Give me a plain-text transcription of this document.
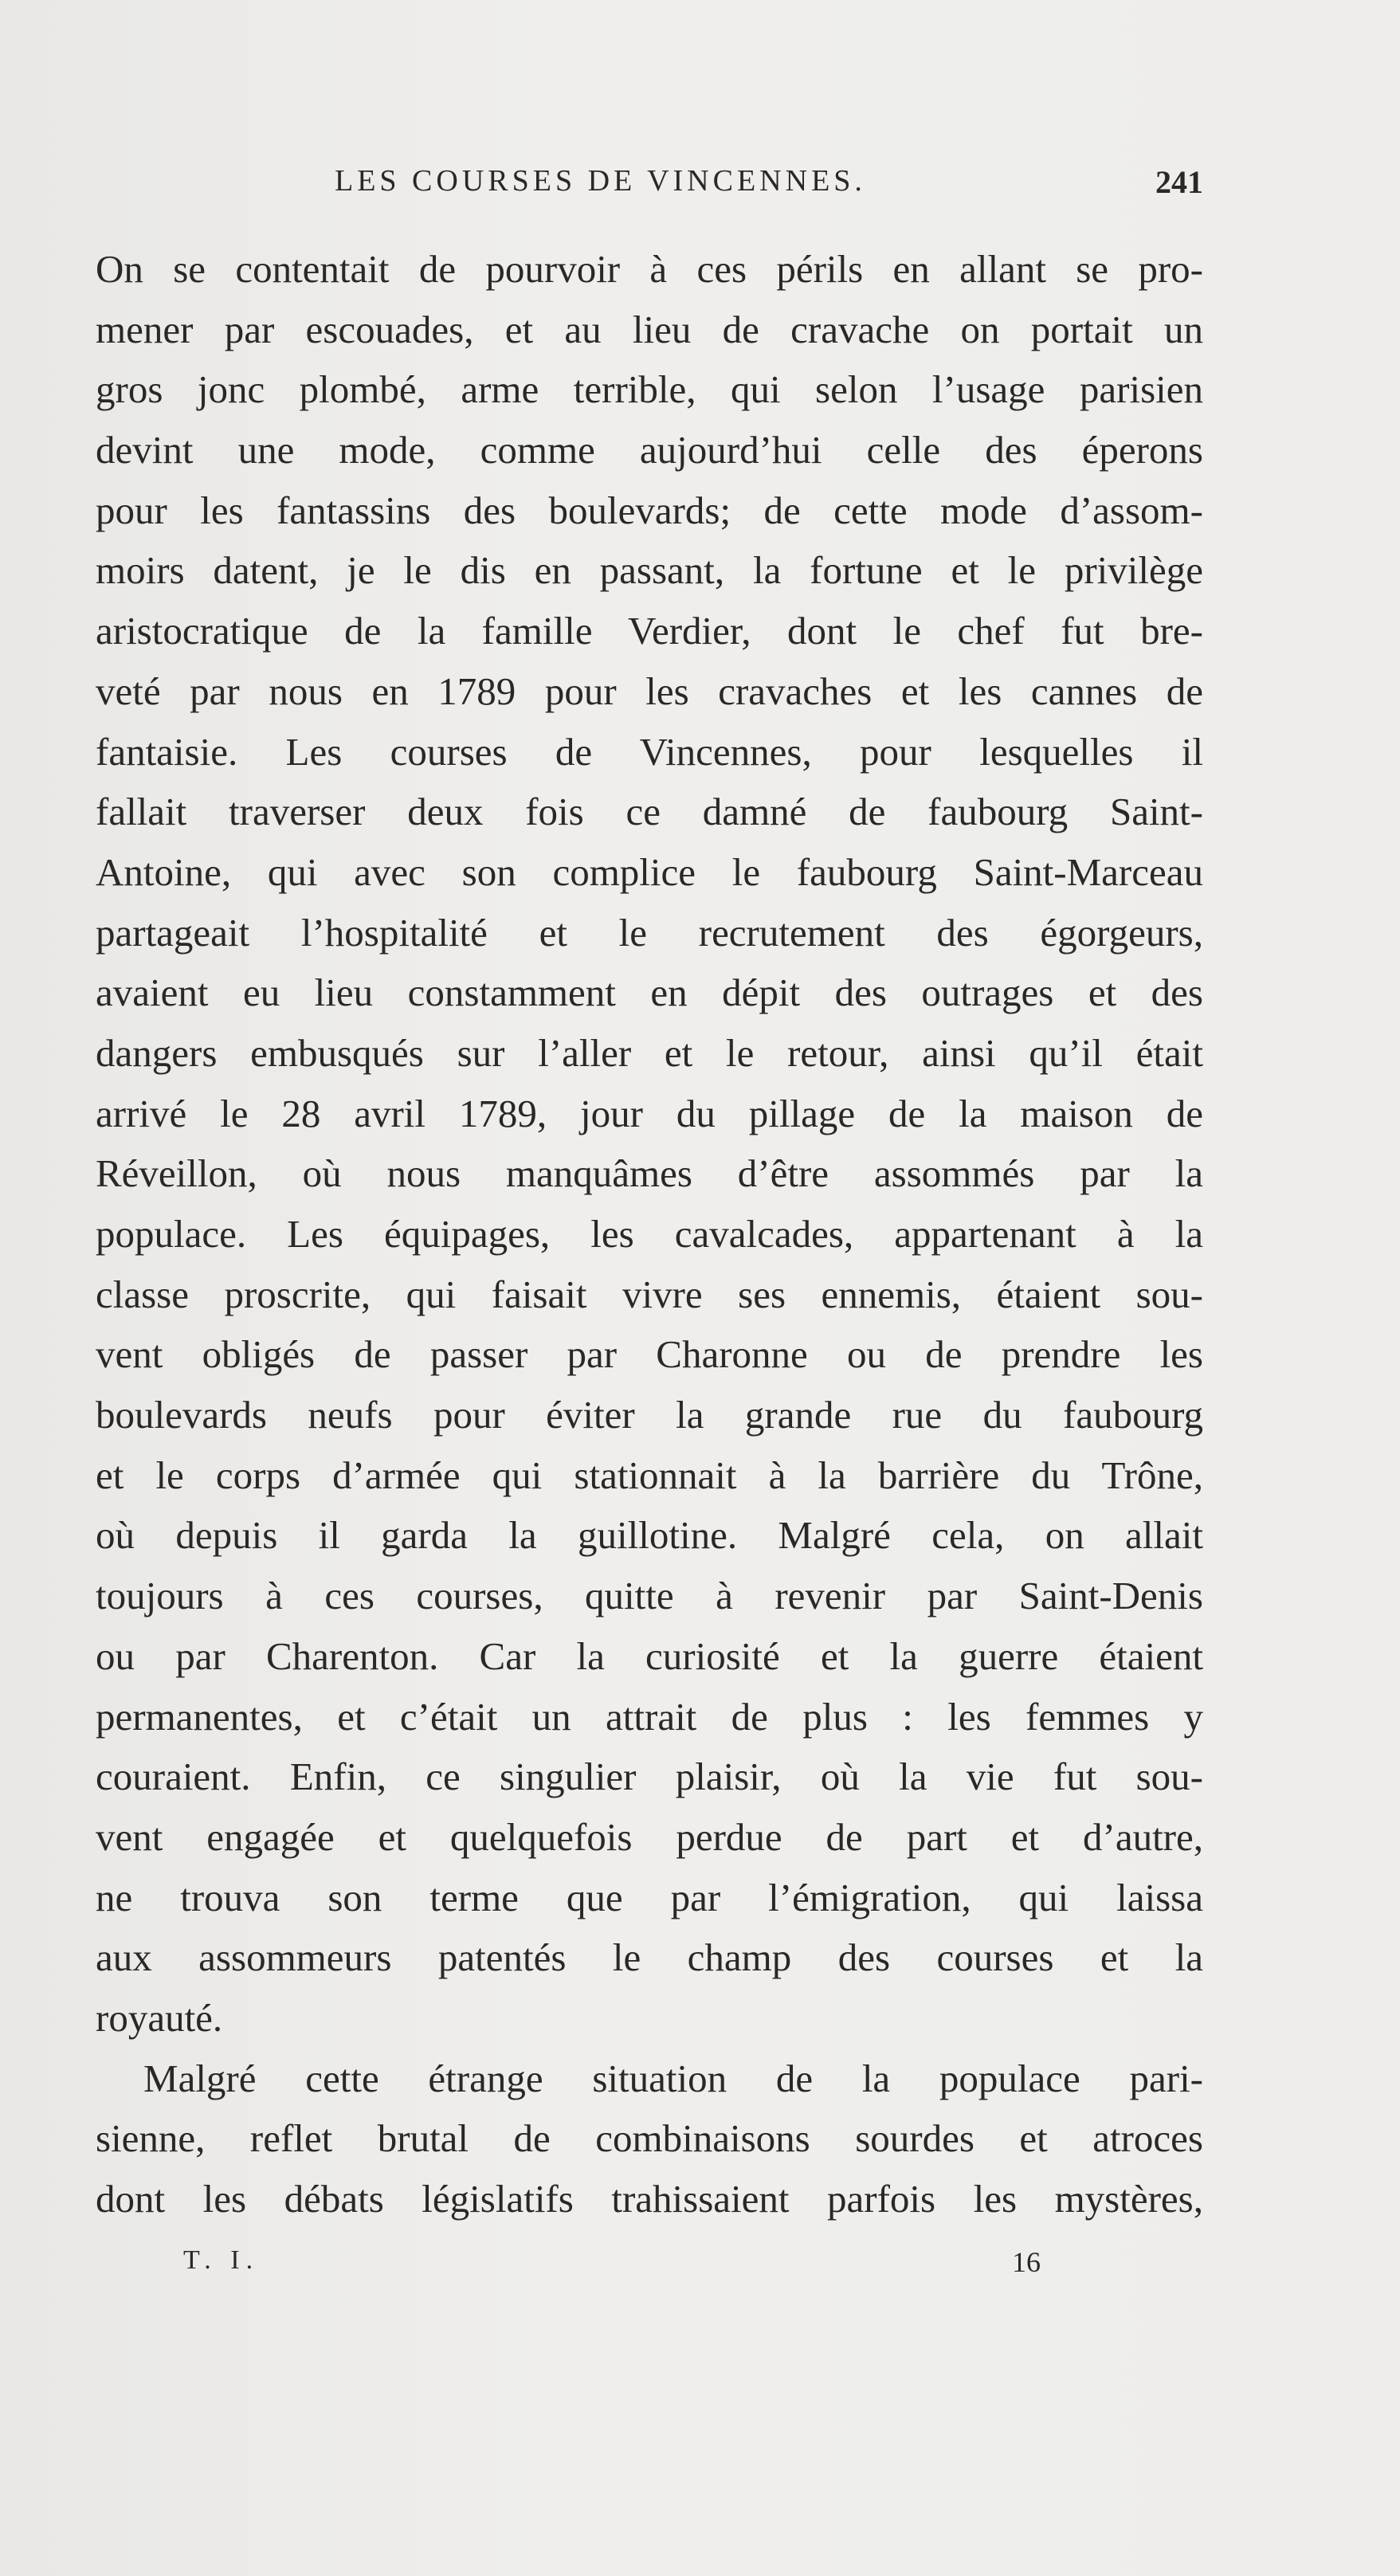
LES COURSES DE VINCENNES.	241
On se contentait de pourvoir à ces périls en allant se pro-
mener par escouades, et au lieu de cravache on portait un
gros jonc plombé, arme terrible, qui selon l’usage parisien
devint une mode, comme aujourd’hui celle des éperons
pour les fantassins des boulevards; de cette mode d’assom-
moirs datent, je le dis en passant, la fortune et le privilège
aristocratique de la famille Verdier, dont le chef fut bre-
veté par nous en 1789 pour les cravaches et les cannes de
fantaisie. Les courses de Vincennes, pour lesquelles il
fallait traverser deux fois ce damné de faubourg Saint-
Antoine, qui avec son complice le faubourg Saint-Marceau
partageait l’hospitalité et le recrutement des égorgeurs,
avaient eu lieu constamment en dépit des outrages et des
dangers embusqués sur l’aller et le retour, ainsi qu’il était
arrivé le 28 avril 1789, jour du pillage de la maison de
Réveillon, où nous manquâmes d’être assommés par la
populace. Les équipages, les cavalcades, appartenant à la
classe proscrite, qui faisait vivre ses ennemis, étaient sou-
vent obligés de passer par Charonne ou de prendre les
boulevards neufs pour éviter la grande rue du faubourg
et le corps d’armée qui stationnait à la barrière du Trône,
où depuis il garda la guillotine. Malgré cela, on allait
toujours à ces courses, quitte à revenir par Saint-Denis
ou par Charenton. Car la curiosité et la guerre étaient
permanentes, et c’était un attrait de plus : les femmes y
couraient. Enfin, ce singulier plaisir, où la vie fut sou-
vent engagée et quelquefois perdue de part et d’autre,
ne trouva son terme que par l’émigration, qui laissa
aux assommeurs patentés le champ des courses et la
royauté.
Malgré cette étrange situation de la populace pari-
sienne, reflet brutal de combinaisons sourdes et atroces
dont les débats législatifs trahissaient parfois les mystères,
T. I.	16
